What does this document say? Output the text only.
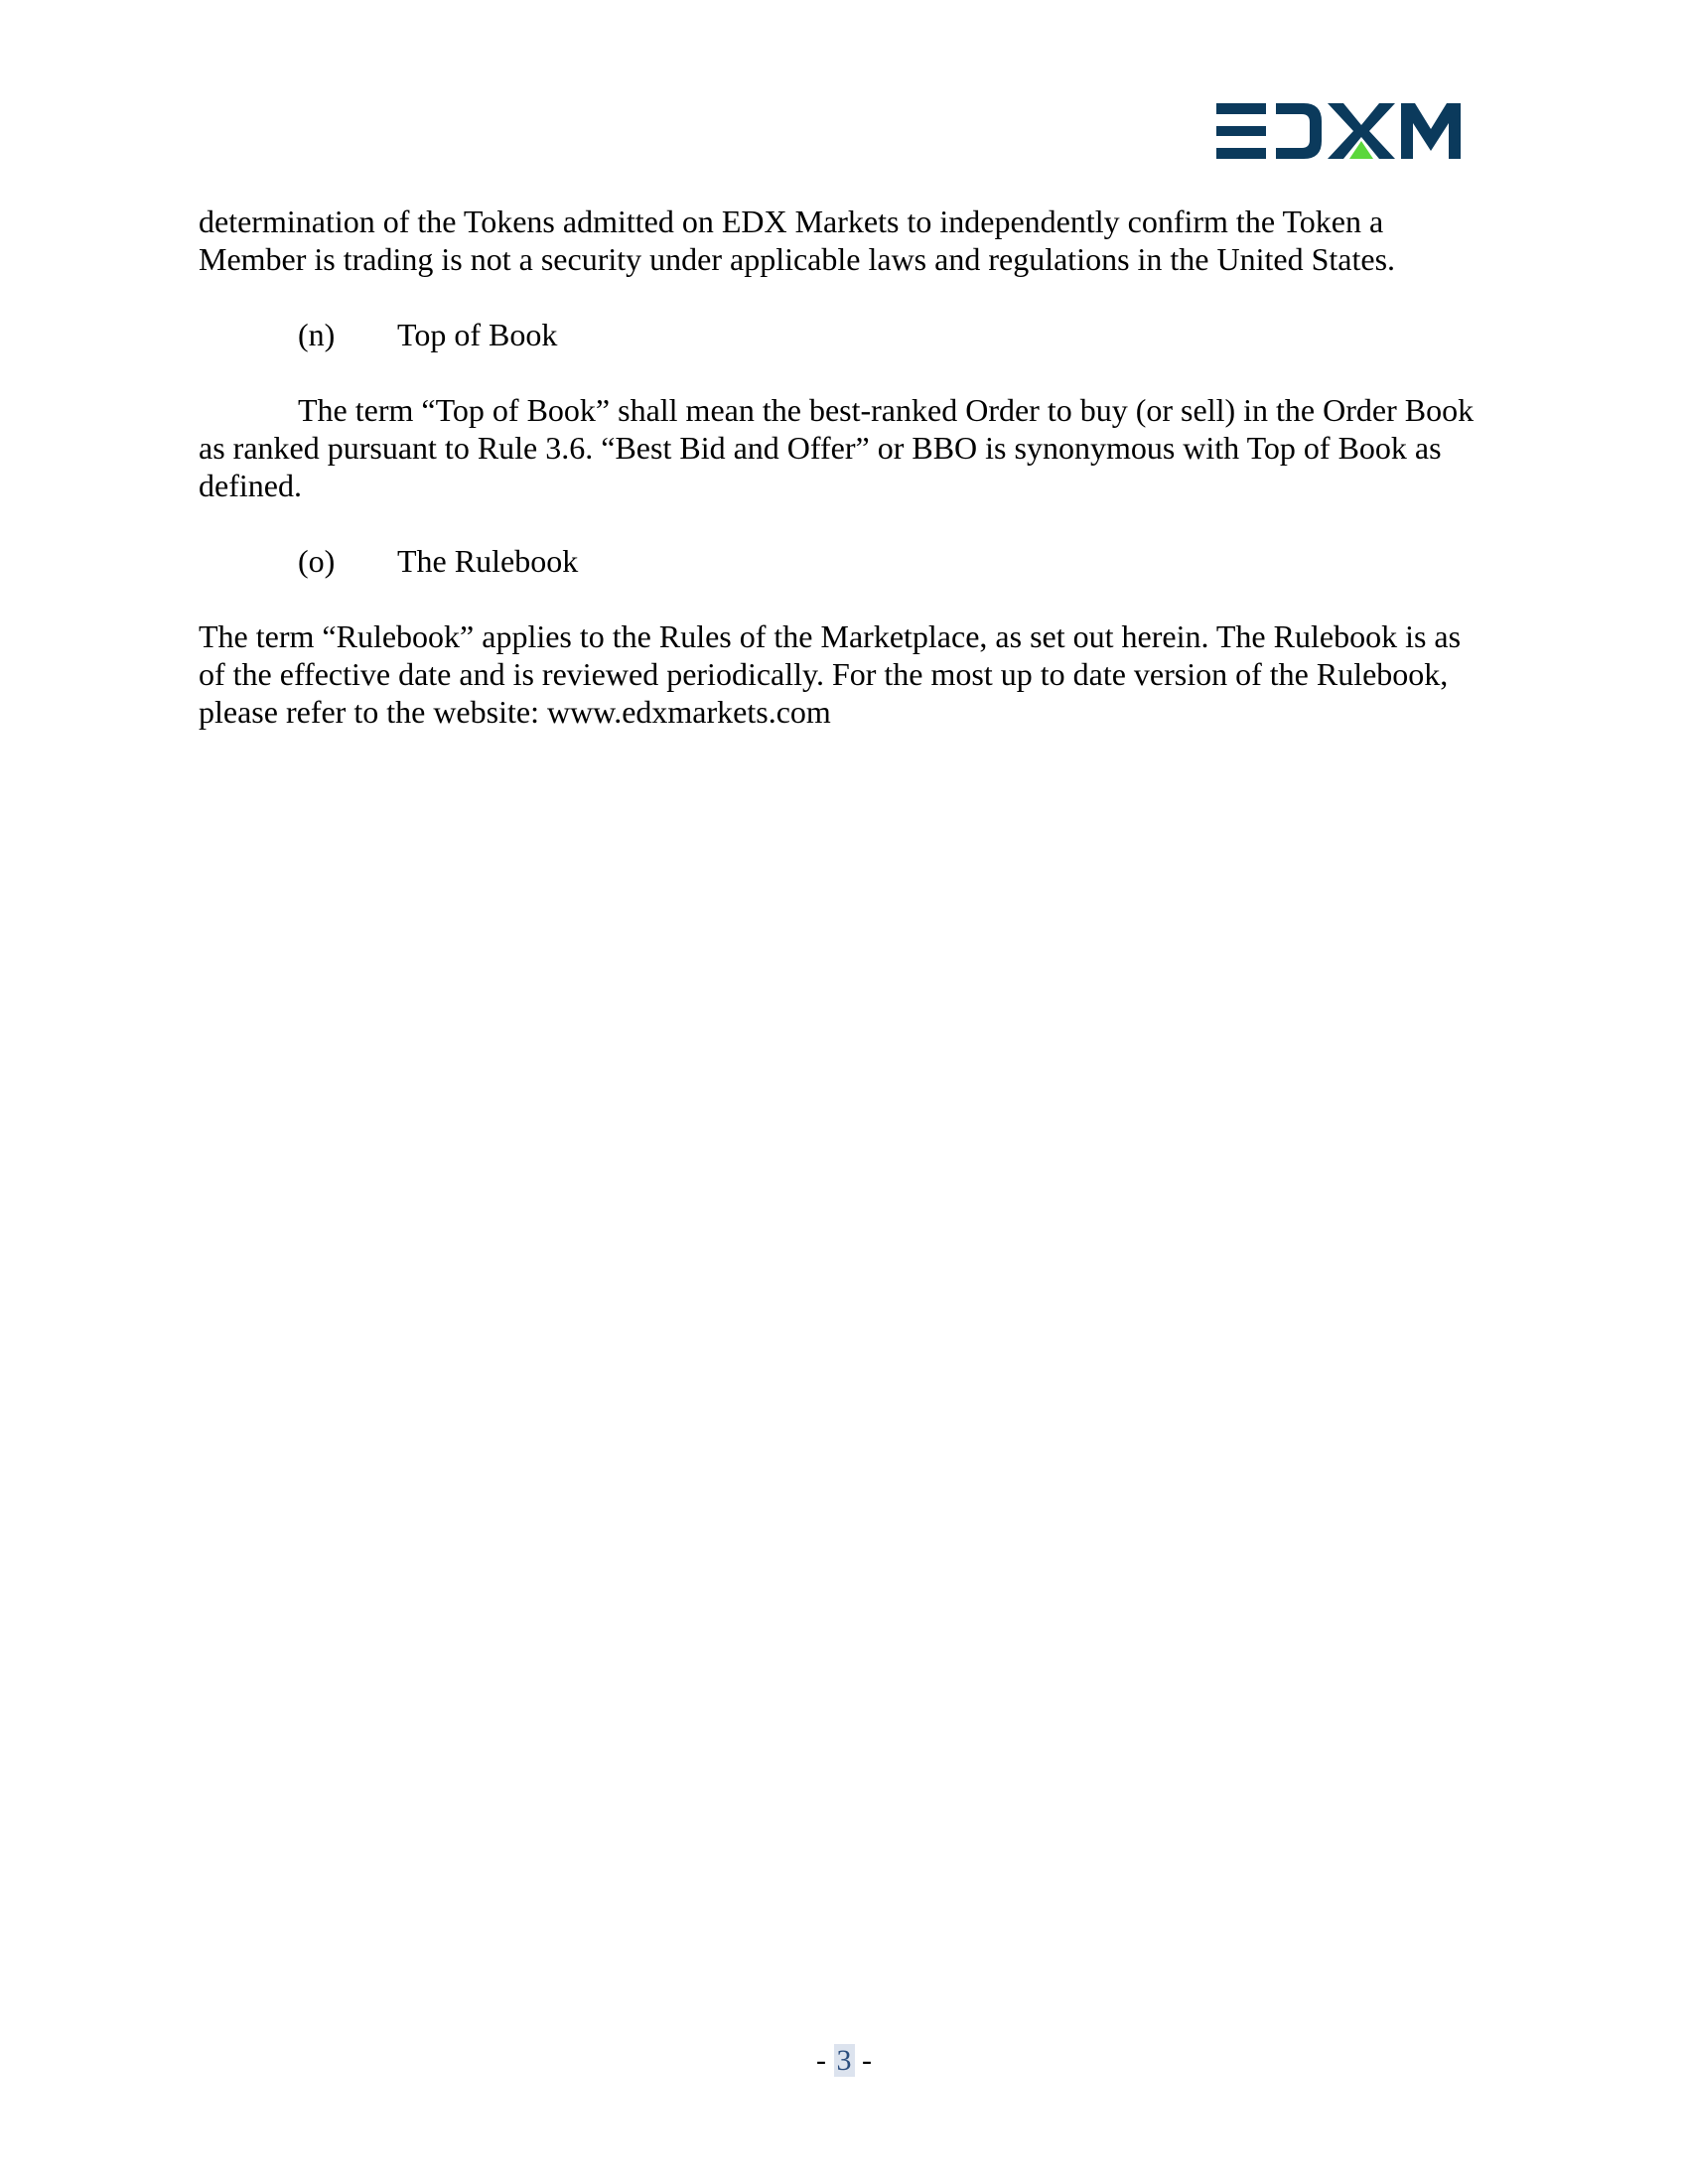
determination of the Tokens admitted on EDX Markets to independently confirm the Token a Member is trading is not a security under applicable laws and regulations in the United States.

(n)	Top of Book

The term “Top of Book” shall mean the best-ranked Order to buy (or sell) in the Order Book as ranked pursuant to Rule 3.6. “Best Bid and Offer” or BBO is synonymous with Top of Book as defined.

(o)	The Rulebook

The term “Rulebook” applies to the Rules of the Marketplace, as set out herein. The Rulebook is as of the effective date and is reviewed periodically. For the most up to date version of the Rulebook, please refer to the website: www.edxmarkets.com

- 3 -
